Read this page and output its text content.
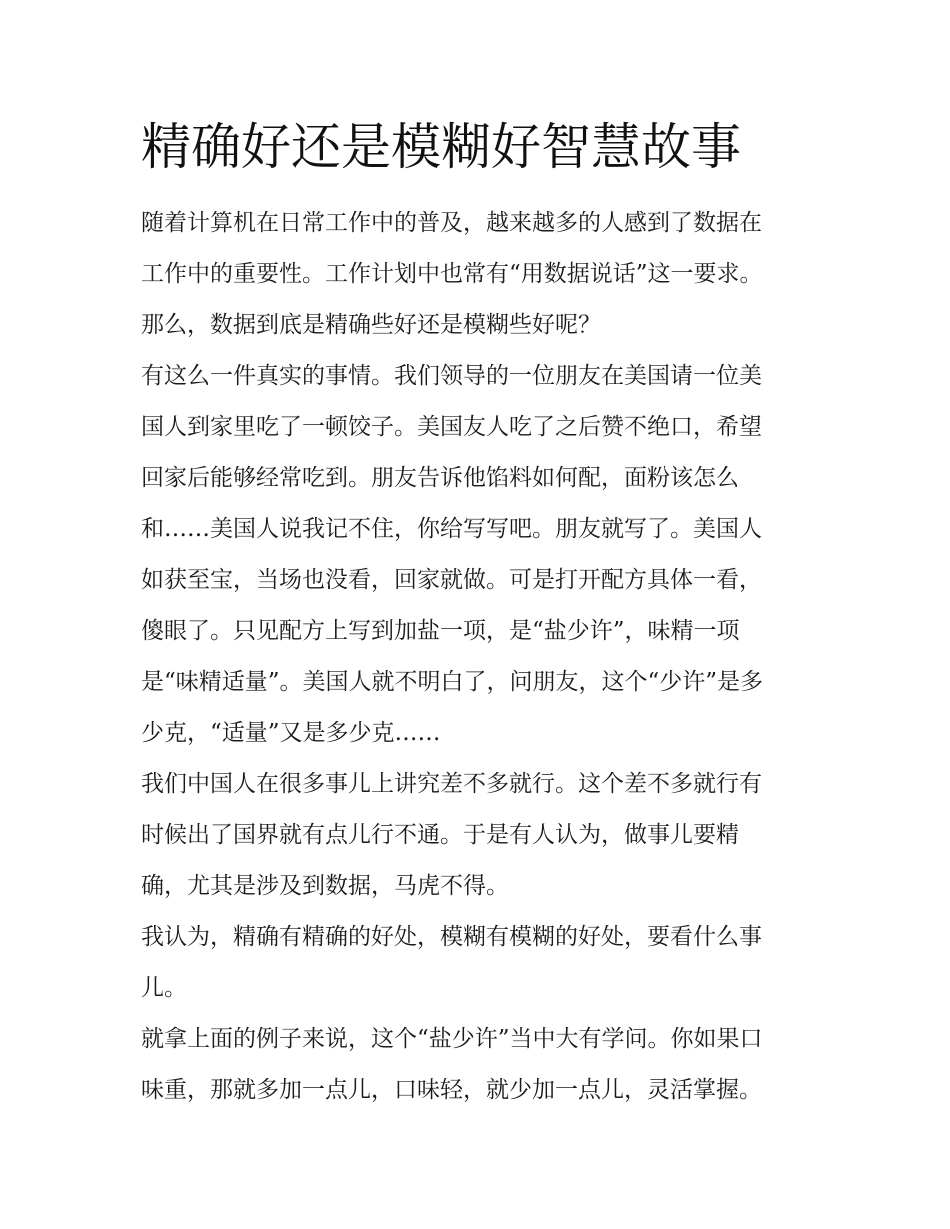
精确好还是模糊好智慧故事

随着计算机在日常工作中的普及，越来越多的人感到了数据在

工作中的重要性。工作计划中也常有“用数据说话”这一要求。

那么，数据到底是精确些好还是模糊些好呢？

有这么一件真实的事情。我们领导的一位朋友在美国请一位美

国人到家里吃了一顿饺子。美国友人吃了之后赞不绝口，希望

回家后能够经常吃到。朋友告诉他馅料如何配，面粉该怎么

和……美国人说我记不住，你给写写吧。朋友就写了。美国人

如获至宝，当场也没看，回家就做。可是打开配方具体一看，

傻眼了。只见配方上写到加盐一项，是“盐少许”，味精一项

是“味精适量”。美国人就不明白了，问朋友，这个“少许”是多

少克，“适量”又是多少克……

我们中国人在很多事儿上讲究差不多就行。这个差不多就行有

时候出了国界就有点儿行不通。于是有人认为，做事儿要精

确，尤其是涉及到数据，马虎不得。

我认为，精确有精确的好处，模糊有模糊的好处，要看什么事

儿。

就拿上面的例子来说，这个“盐少许”当中大有学问。你如果口

味重，那就多加一点儿，口味轻，就少加一点儿，灵活掌握。
